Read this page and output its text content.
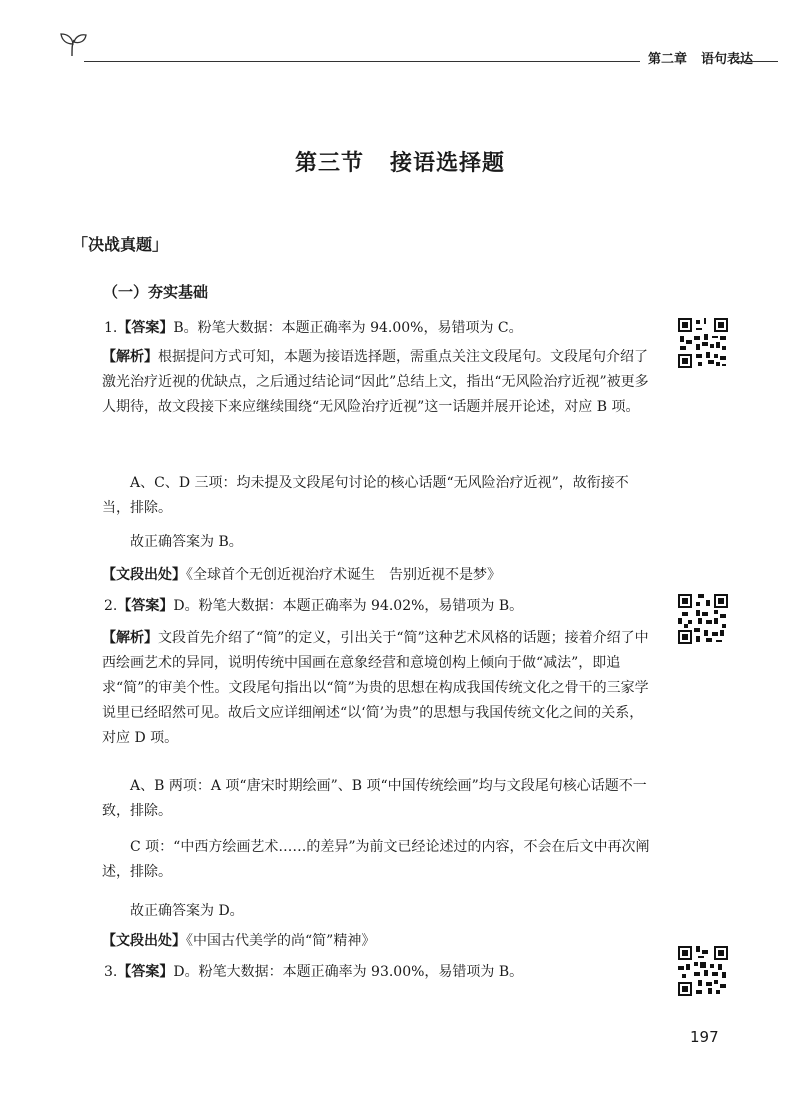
第二章 语句表达
第三节 接语选择题
「决战真题」
（一）夯实基础

1.【答案】B。粉笔大数据：本题正确率为 94.00%，易错项为 C。

【解析】根据提问方式可知，本题为接语选择题，需重点关注文段尾句。文段尾句介绍了激光治疗近视的优缺点，之后通过结论词“因此”总结上文，指出“无风险治疗近视”被更多人期待，故文段接下来应继续围绕“无风险治疗近视”这一话题并展开论述，对应 B 项。

A、C、D 三项：均未提及文段尾句讨论的核心话题“无风险治疗近视”，故衔接不当，排除。

故正确答案为 B。

【文段出处】《全球首个无创近视治疗术诞生　告别近视不是梦》

2.【答案】D。粉笔大数据：本题正确率为 94.02%，易错项为 B。

【解析】文段首先介绍了“简”的定义，引出关于“简”这种艺术风格的话题；接着介绍了中西绘画艺术的异同，说明传统中国画在意象经营和意境创构上倾向于做“减法”，即追求“简”的审美个性。文段尾句指出以“简”为贵的思想在构成我国传统文化之骨干的三家学说里已经昭然可见。故后文应详细阐述“以‘简’为贵”的思想与我国传统文化之间的关系，对应 D 项。

A、B 两项：A 项“唐宋时期绘画”、B 项“中国传统绘画”均与文段尾句核心话题不一致，排除。

C 项：“中西方绘画艺术……的差异”为前文已经论述过的内容，不会在后文中再次阐述，排除。

故正确答案为 D。

【文段出处】《中国古代美学的尚“简”精神》

3.【答案】D。粉笔大数据：本题正确率为 93.00%，易错项为 B。

197
